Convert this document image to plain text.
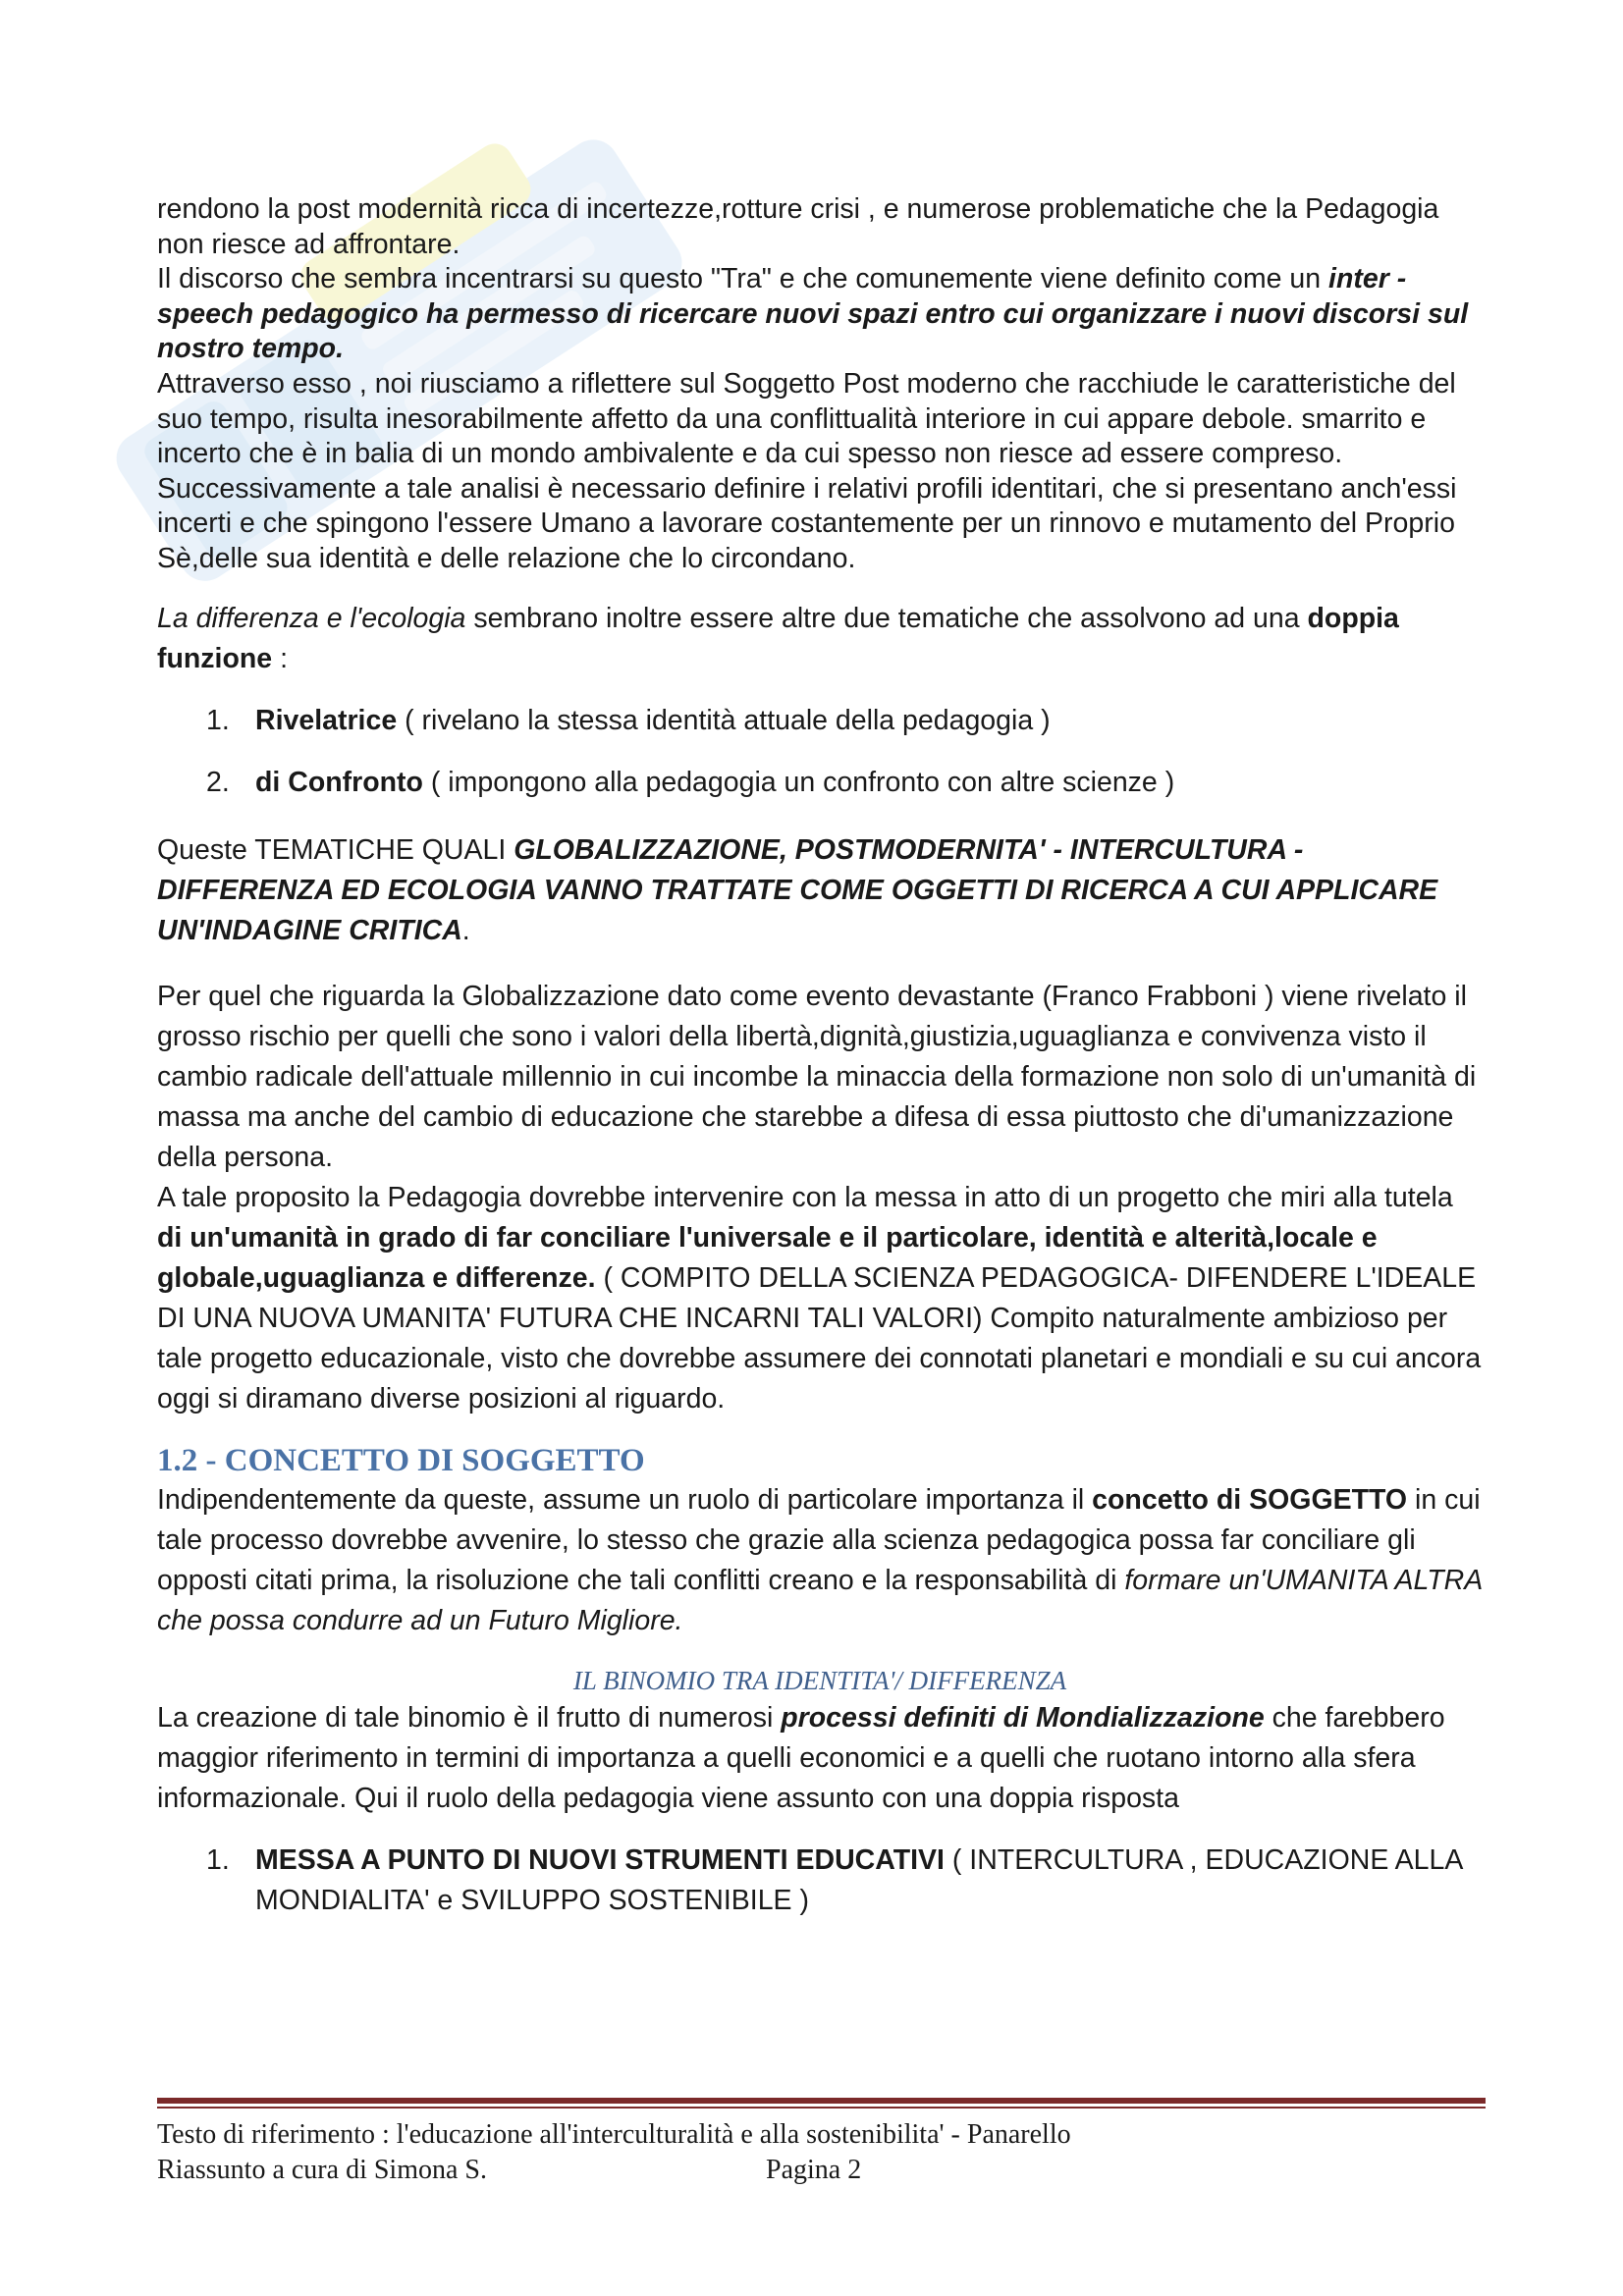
rendono la post modernità ricca di incertezze,rotture crisi , e numerose problematiche che la Pedagogia non riesce ad affrontare.

Il discorso che sembra incentrarsi su questo "Tra" e che comunemente viene definito come un inter -speech pedagogico ha permesso di ricercare nuovi spazi entro cui organizzare i nuovi discorsi sul nostro tempo.

Attraverso esso , noi riusciamo a riflettere sul Soggetto Post moderno che racchiude le caratteristiche del suo tempo, risulta inesorabilmente affetto da una conflittualità interiore in cui appare debole. smarrito e incerto che è in balia di un mondo ambivalente e da cui spesso non riesce ad essere compreso.

Successivamente a tale analisi è necessario definire i relativi profili identitari, che si presentano anch'essi incerti e che spingono l'essere Umano a lavorare costantemente per un rinnovo e mutamento del Proprio Sè,delle sua identità e delle relazione che lo circondano.

La differenza e l'ecologia sembrano inoltre essere altre due tematiche che assolvono ad una doppia funzione :

1. Rivelatrice ( rivelano la stessa identità attuale della pedagogia )
2. di Confronto ( impongono alla pedagogia un confronto con altre scienze )

Queste TEMATICHE QUALI GLOBALIZZAZIONE, POSTMODERNITA' - INTERCULTURA - DIFFERENZA ED ECOLOGIA VANNO TRATTATE COME OGGETTI DI RICERCA A CUI APPLICARE UN'INDAGINE CRITICA.

Per quel che riguarda la Globalizzazione dato come evento devastante (Franco Frabboni ) viene rivelato il grosso rischio per quelli che sono i valori della libertà,dignità,giustizia,uguaglianza e convivenza visto il cambio radicale dell'attuale millennio in cui incombe la minaccia della formazione non solo di un'umanità di massa ma anche del cambio di educazione che starebbe a difesa di essa piuttosto che di'umanizzazione della persona.

A tale proposito la Pedagogia dovrebbe intervenire con la messa in atto di un progetto che miri alla tutela di un'umanità in grado di far conciliare l'universale e il particolare, identità e alterità,locale e globale,uguaglianza e differenze. ( COMPITO DELLA SCIENZA PEDAGOGICA- DIFENDERE L'IDEALE DI UNA NUOVA UMANITA' FUTURA CHE INCARNI TALI VALORI) Compito naturalmente ambizioso per tale progetto educazionale, visto che dovrebbe assumere dei connotati planetari e mondiali e su cui ancora oggi si diramano diverse posizioni al riguardo.

1.2 - CONCETTO DI SOGGETTO

Indipendentemente da queste, assume un ruolo di particolare importanza il concetto di SOGGETTO in cui tale processo dovrebbe avvenire, lo stesso che grazie alla scienza pedagogica possa far conciliare gli opposti citati prima, la risoluzione che tali conflitti creano e la responsabilità di formare un'UMANITA ALTRA che possa condurre ad un Futuro Migliore.

IL BINOMIO TRA IDENTITA'/ DIFFERENZA

La creazione di tale binomio è il frutto di numerosi processi definiti di Mondializzazione che farebbero maggior riferimento in termini di importanza a quelli economici e a quelli che ruotano intorno alla sfera informazionale. Qui il ruolo della pedagogia viene assunto con una doppia risposta

1. MESSA A PUNTO DI NUOVI STRUMENTI EDUCATIVI ( INTERCULTURA , EDUCAZIONE ALLA MONDIALITA' e SVILUPPO SOSTENIBILE )
Testo di riferimento : l'educazione all'interculturalità e alla sostenibilita' - Panarello
Riassunto a cura di Simona S.	Pagina 2
